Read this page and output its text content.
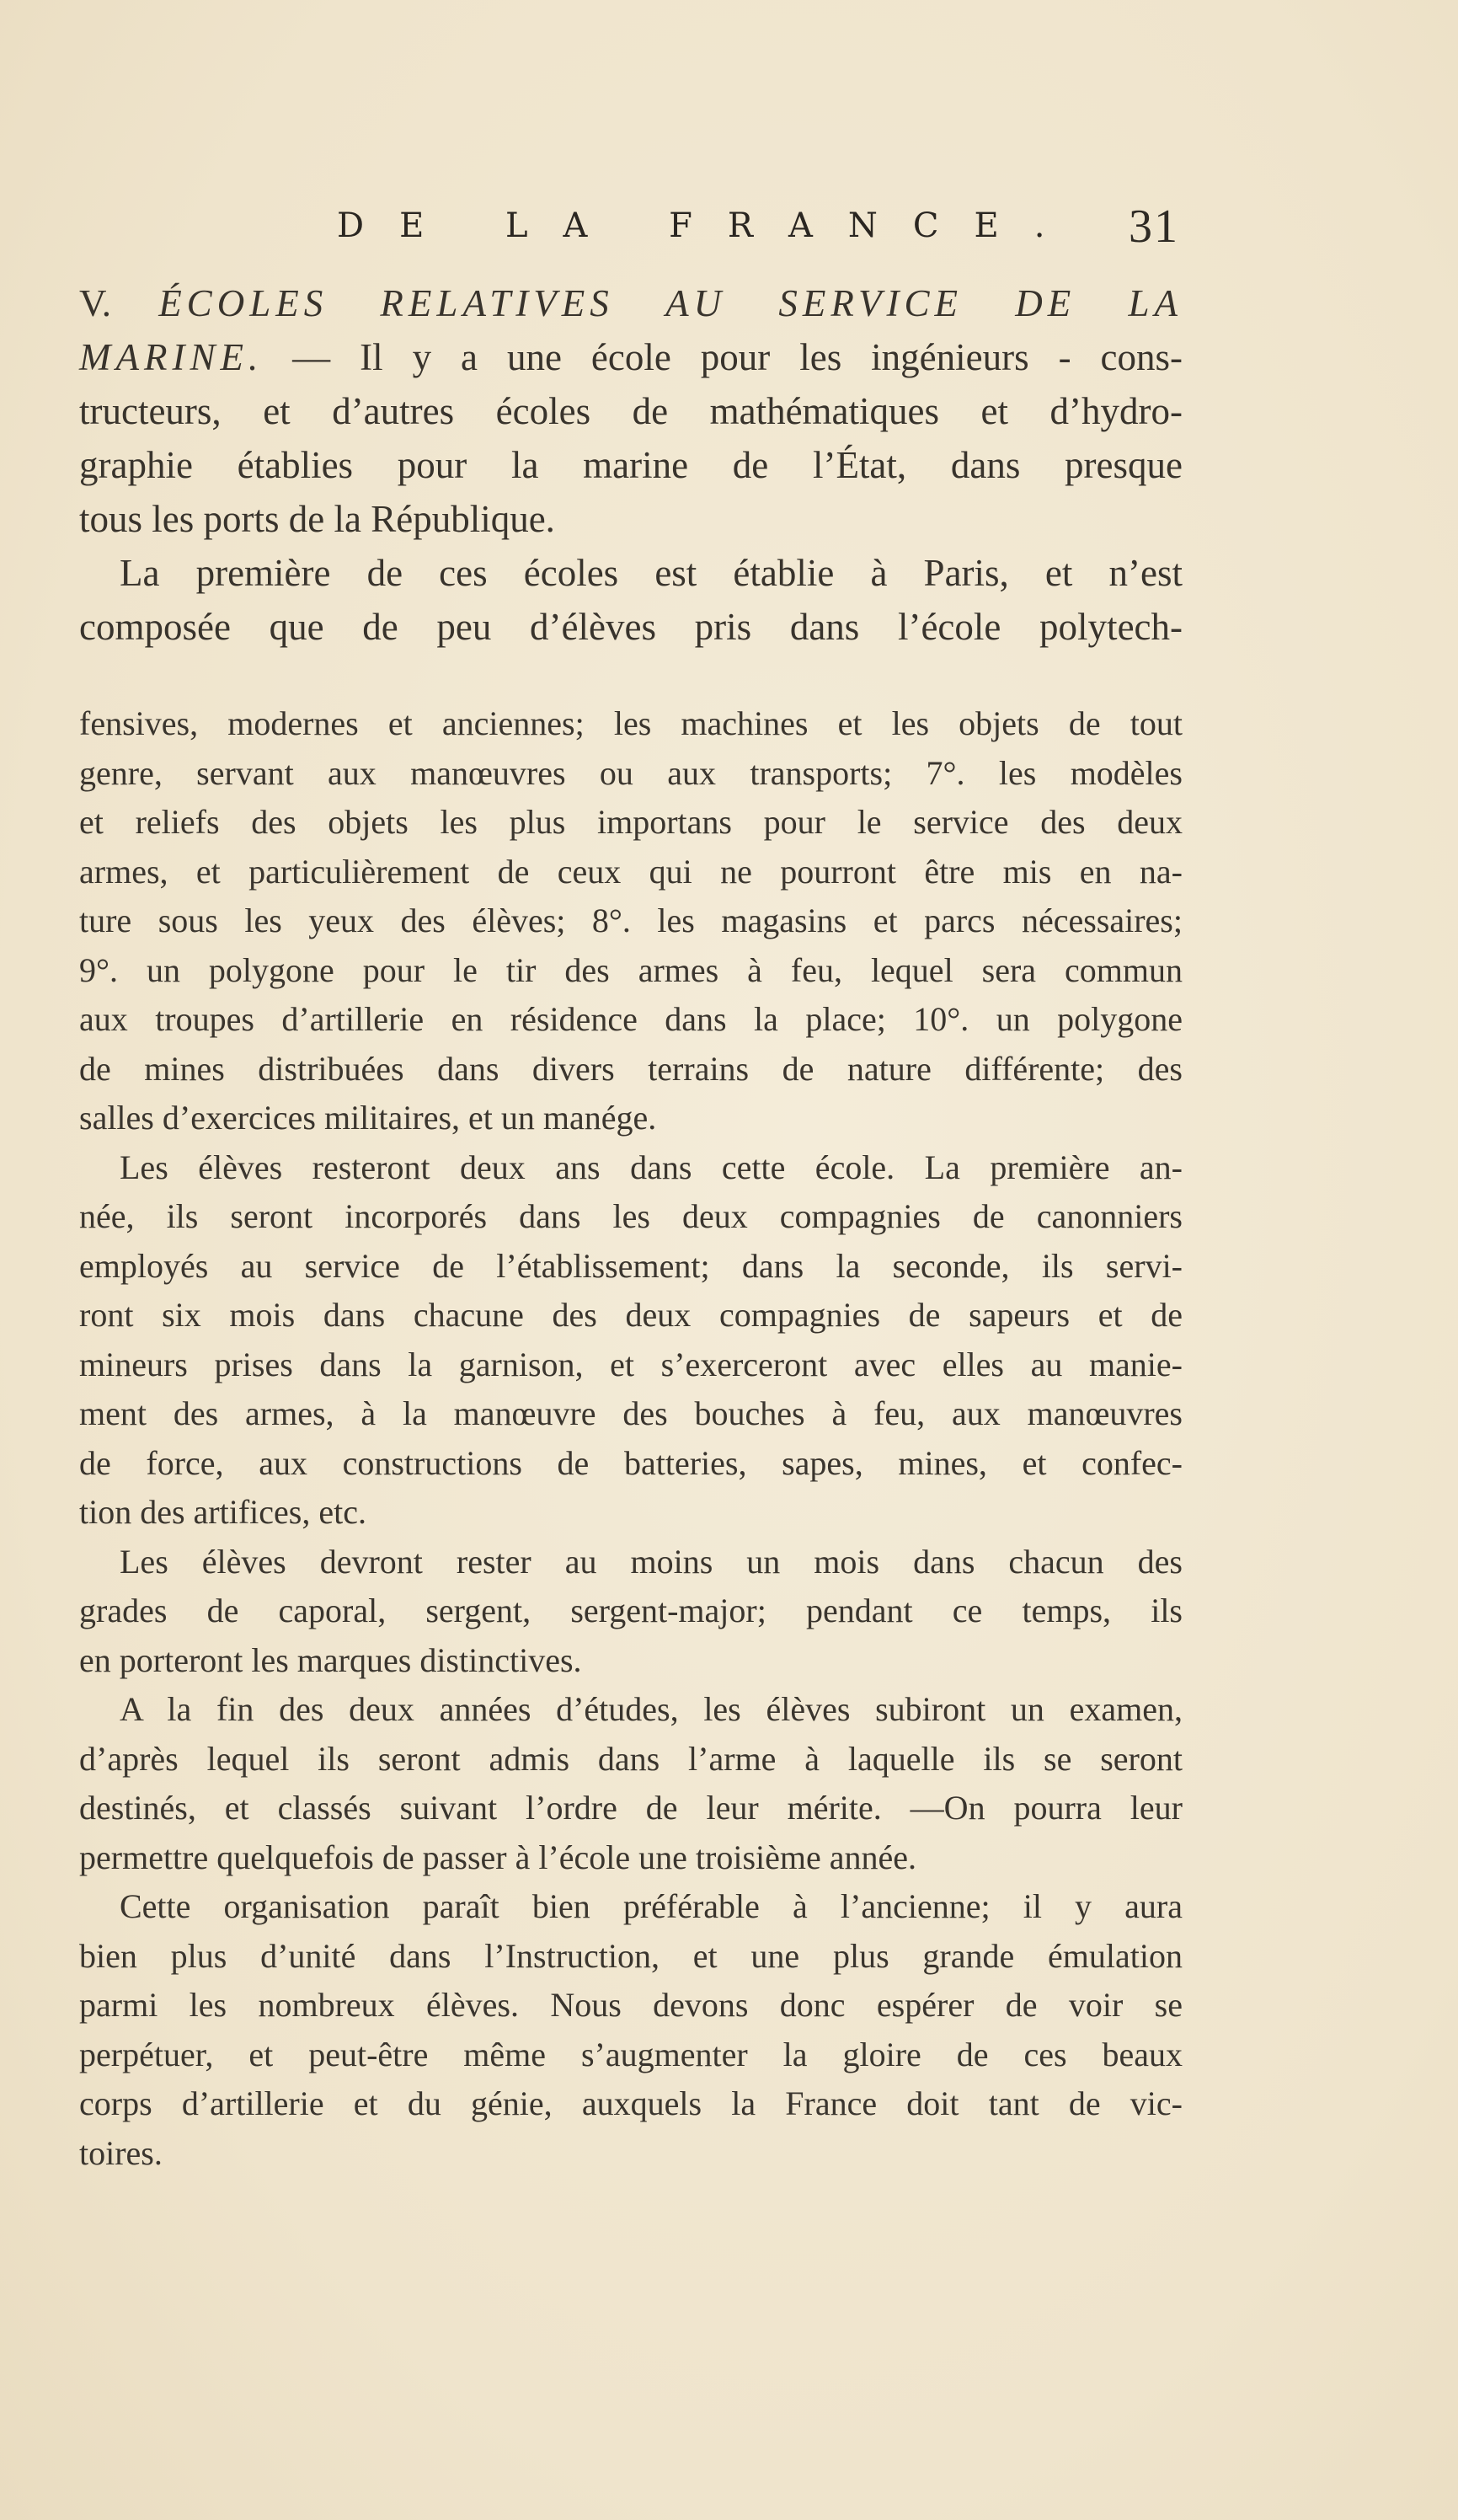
DE LA FRANCE. 31
V. ÉCOLES RELATIVES AU SERVICE DE LA
MARINE. — Il y a une école pour les ingénieurs - cons-
tructeurs, et d’autres écoles de mathématiques et d’hydro-
graphie établies pour la marine de l’État, dans presque
tous les ports de la République.
La première de ces écoles est établie à Paris, et n’est
composée que de peu d’élèves pris dans l’école polytech-
fensives, modernes et anciennes; les machines et les objets de tout
genre, servant aux manœuvres ou aux transports; 7°. les modèles
et reliefs des objets les plus importans pour le service des deux
armes, et particulièrement de ceux qui ne pourront être mis en na-
ture sous les yeux des élèves; 8°. les magasins et parcs nécessaires;
9°. un polygone pour le tir des armes à feu, lequel sera commun
aux troupes d’artillerie en résidence dans la place; 10°. un polygone
de mines distribuées dans divers terrains de nature différente; des
salles d’exercices militaires, et un manége.
Les élèves resteront deux ans dans cette école. La première an-
née, ils seront incorporés dans les deux compagnies de canonniers
employés au service de l’établissement; dans la seconde, ils servi-
ront six mois dans chacune des deux compagnies de sapeurs et de
mineurs prises dans la garnison, et s’exerceront avec elles au manie-
ment des armes, à la manœuvre des bouches à feu, aux manœuvres
de force, aux constructions de batteries, sapes, mines, et confec-
tion des artifices, etc.
Les élèves devront rester au moins un mois dans chacun des
grades de caporal, sergent, sergent-major; pendant ce temps, ils
en porteront les marques distinctives.
A la fin des deux années d’études, les élèves subiront un examen,
d’après lequel ils seront admis dans l’arme à laquelle ils se seront
destinés, et classés suivant l’ordre de leur mérite. —On pourra leur
permettre quelquefois de passer à l’école une troisième année.
Cette organisation paraît bien préférable à l’ancienne; il y aura
bien plus d’unité dans l’Instruction, et une plus grande émulation
parmi les nombreux élèves. Nous devons donc espérer de voir se
perpétuer, et peut-être même s’augmenter la gloire de ces beaux
corps d’artillerie et du génie, auxquels la France doit tant de vic-
toires.
